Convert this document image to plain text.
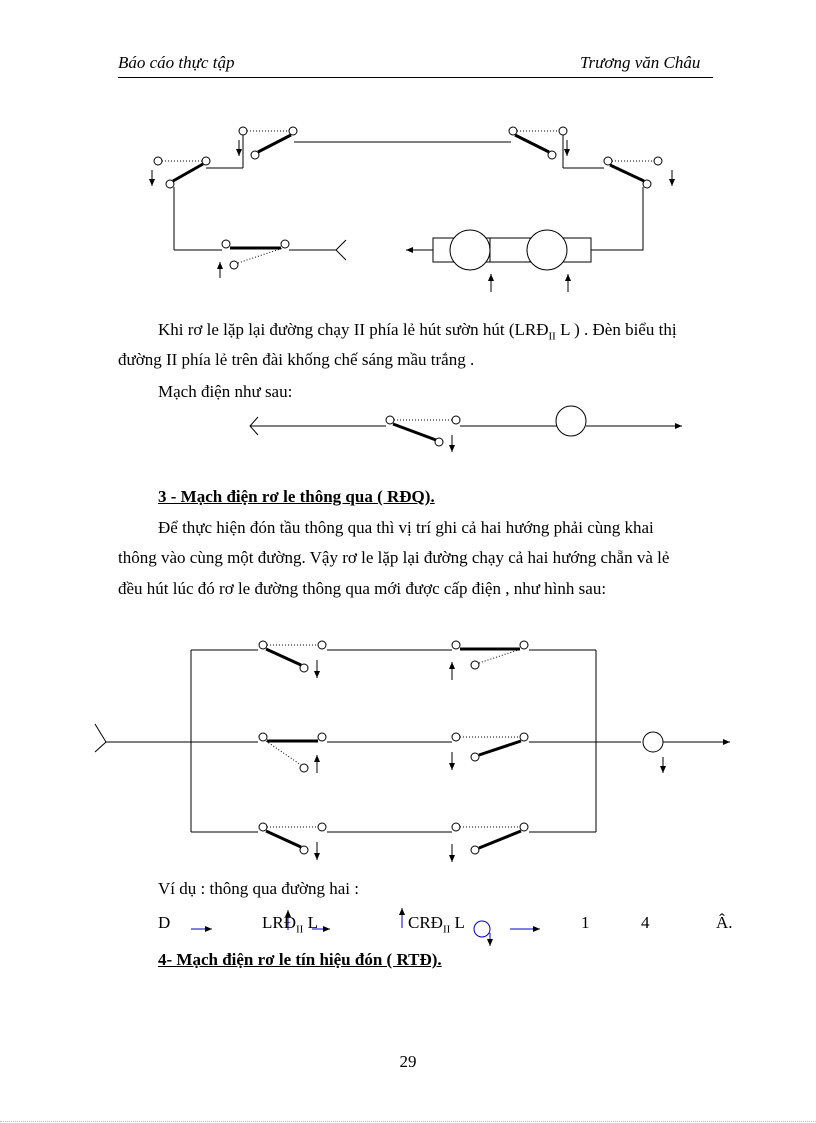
Báo cáo thực tập	Trương văn Châu
Khi rơ le lặp lại đường chạy II phía lẻ hút sườn hút ($LRĐ_{II}$ L ) . Đèn biểu thị
đường II phía lẻ trên đài khống chế sáng mầu trắng .
Mạch điện như sau:
3 - Mạch điện rơ le thông qua ( RĐQ).
Để thực hiện đón tầu thông qua thì vị trí ghi cả hai hướng phải cùng khai
thông vào cùng một đường. Vậy rơ le lặp lại đường chạy cả hai hướng chẵn và lẻ
đều hút lúc đó rơ le đường thông qua mới được cấp điện , như hình sau:
Ví dụ : thông qua đường hai :
D	$LRĐ_{II}$ L	$CRĐ_{II}$ L	1	4	Â.
4- Mạch điện rơ le tín hiệu đón ( RTĐ).
29
